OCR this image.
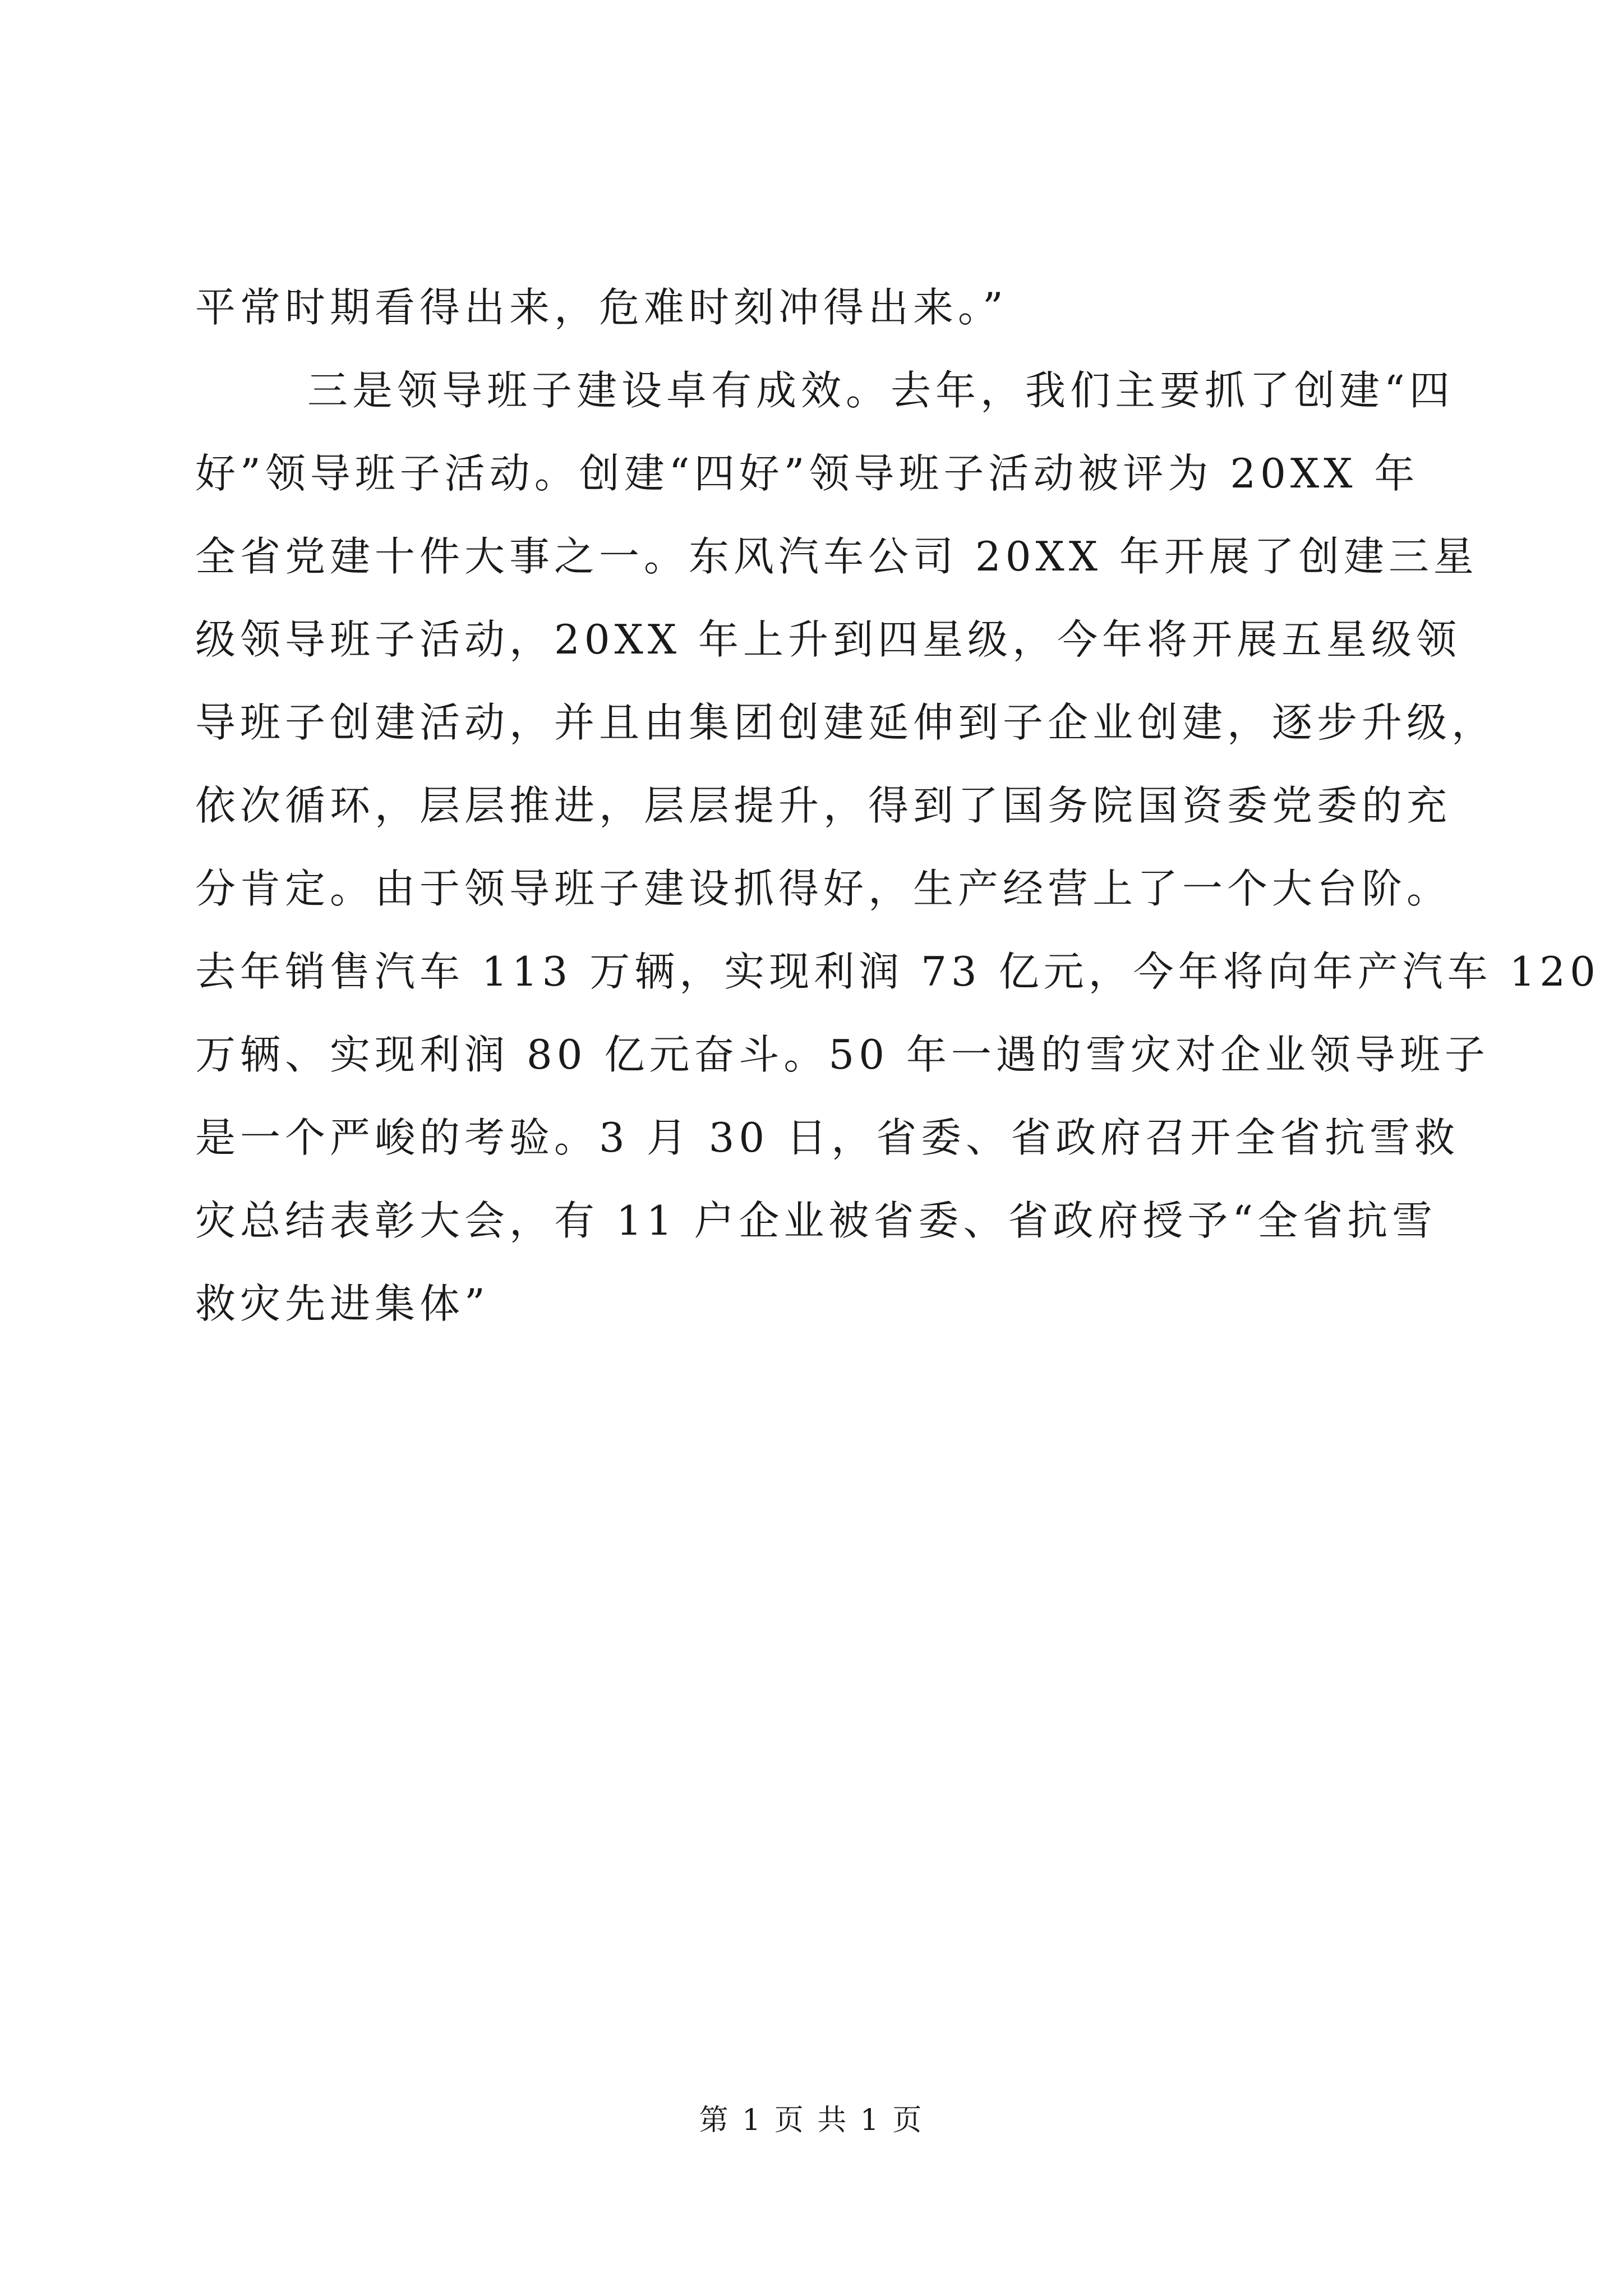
平常时期看得出来，危难时刻冲得出来。”
三是领导班子建设卓有成效。去年，我们主要抓了创建“四
好”领导班子活动。创建“四好”领导班子活动被评为 20XX 年
全省党建十件大事之一。东风汽车公司 20XX 年开展了创建三星
级领导班子活动，20XX 年上升到四星级，今年将开展五星级领
导班子创建活动，并且由集团创建延伸到子企业创建，逐步升级，
依次循环，层层推进，层层提升，得到了国务院国资委党委的充
分肯定。由于领导班子建设抓得好，生产经营上了一个大台阶。
去年销售汽车 113 万辆，实现利润 73 亿元，今年将向年产汽车 120
万辆、实现利润 80 亿元奋斗。50 年一遇的雪灾对企业领导班子
是一个严峻的考验。3 月 30 日，省委、省政府召开全省抗雪救
灾总结表彰大会，有 11 户企业被省委、省政府授予“全省抗雪
救灾先进集体”
第 1 页 共 1 页
